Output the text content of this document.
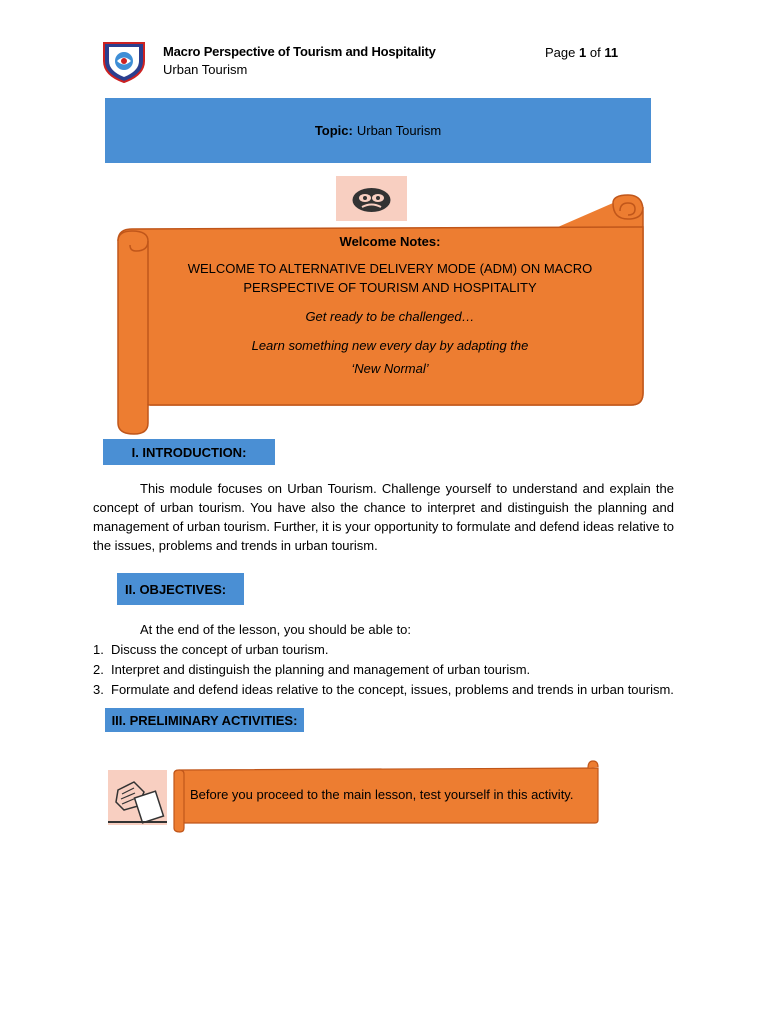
Macro Perspective of Tourism and Hospitality
Urban Tourism
Page 1 of 11
Topic: Urban Tourism
Welcome Notes:
WELCOME TO ALTERNATIVE DELIVERY MODE (ADM) ON MACRO PERSPECTIVE OF TOURISM AND HOSPITALITY
Get ready to be challenged…
Learn something new every day by adapting the
‘New Normal’
I. INTRODUCTION:
This module focuses on Urban Tourism. Challenge yourself to understand and explain the concept of urban tourism. You have also the chance to interpret and distinguish the planning and management of urban tourism. Further, it is your opportunity to formulate and defend ideas relative to the issues, problems and trends in urban tourism.
II. OBJECTIVES:
At the end of the lesson, you should be able to:
1. Discuss the concept of urban tourism.
2. Interpret and distinguish the planning and management of urban tourism.
3. Formulate and defend ideas relative to the concept, issues, problems and trends in urban tourism.
III. PRELIMINARY ACTIVITIES:
Before you proceed to the main lesson, test yourself in this activity.
